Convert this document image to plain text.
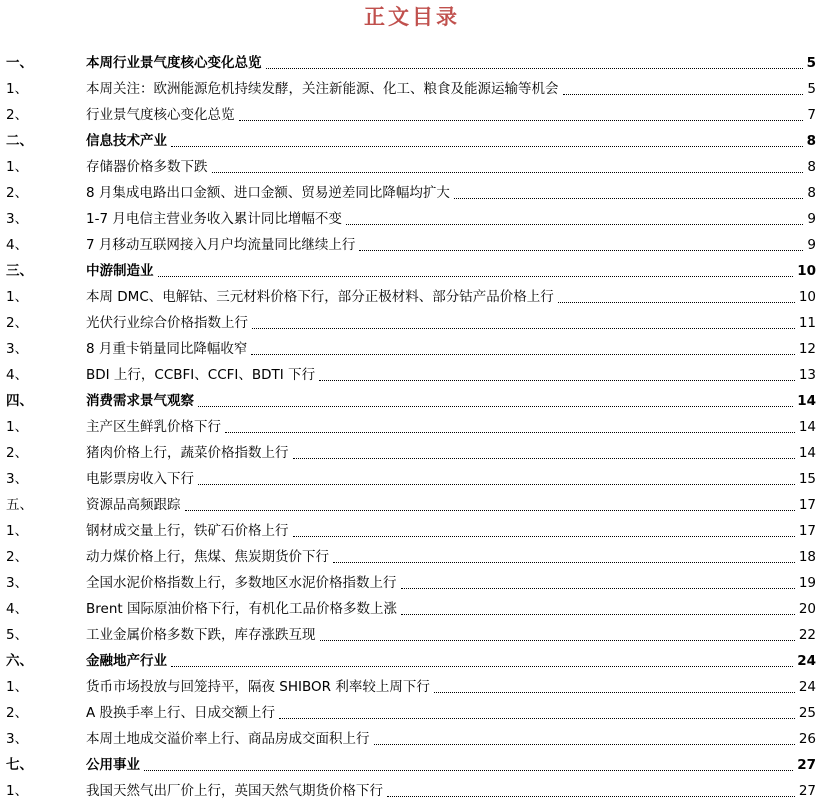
正文目录
一、	本周行业景气度核心变化总览	5
1、	本周关注：欧洲能源危机持续发酵，关注新能源、化工、粮食及能源运输等机会	5
2、	行业景气度核心变化总览	7
二、	信息技术产业	8
1、	存储器价格多数下跌	8
2、	8 月集成电路出口金额、进口金额、贸易逆差同比降幅均扩大	8
3、	1-7 月电信主营业务收入累计同比增幅不变	9
4、	7 月移动互联网接入月户均流量同比继续上行	9
三、	中游制造业	10
1、	本周 DMC、电解钴、三元材料价格下行，部分正极材料、部分钴产品价格上行	10
2、	光伏行业综合价格指数上行	11
3、	8 月重卡销量同比降幅收窄	12
4、	BDI 上行，CCBFI、CCFI、BDTI 下行	13
四、	消费需求景气观察	14
1、	主产区生鲜乳价格下行	14
2、	猪肉价格上行，蔬菜价格指数上行	14
3、	电影票房收入下行	15
五、	资源品高频跟踪	17
1、	钢材成交量上行，铁矿石价格上行	17
2、	动力煤价格上行，焦煤、焦炭期货价下行	18
3、	全国水泥价格指数上行，多数地区水泥价格指数上行	19
4、	Brent 国际原油价格下行，有机化工品价格多数上涨	20
5、	工业金属价格多数下跌，库存涨跌互现	22
六、	金融地产行业	24
1、	货币市场投放与回笼持平，隔夜 SHIBOR 利率较上周下行	24
2、	A 股换手率上行、日成交额上行	25
3、	本周土地成交溢价率上行、商品房成交面积上行	26
七、	公用事业	27
1、	我国天然气出厂价上行，英国天然气期货价格下行	27
